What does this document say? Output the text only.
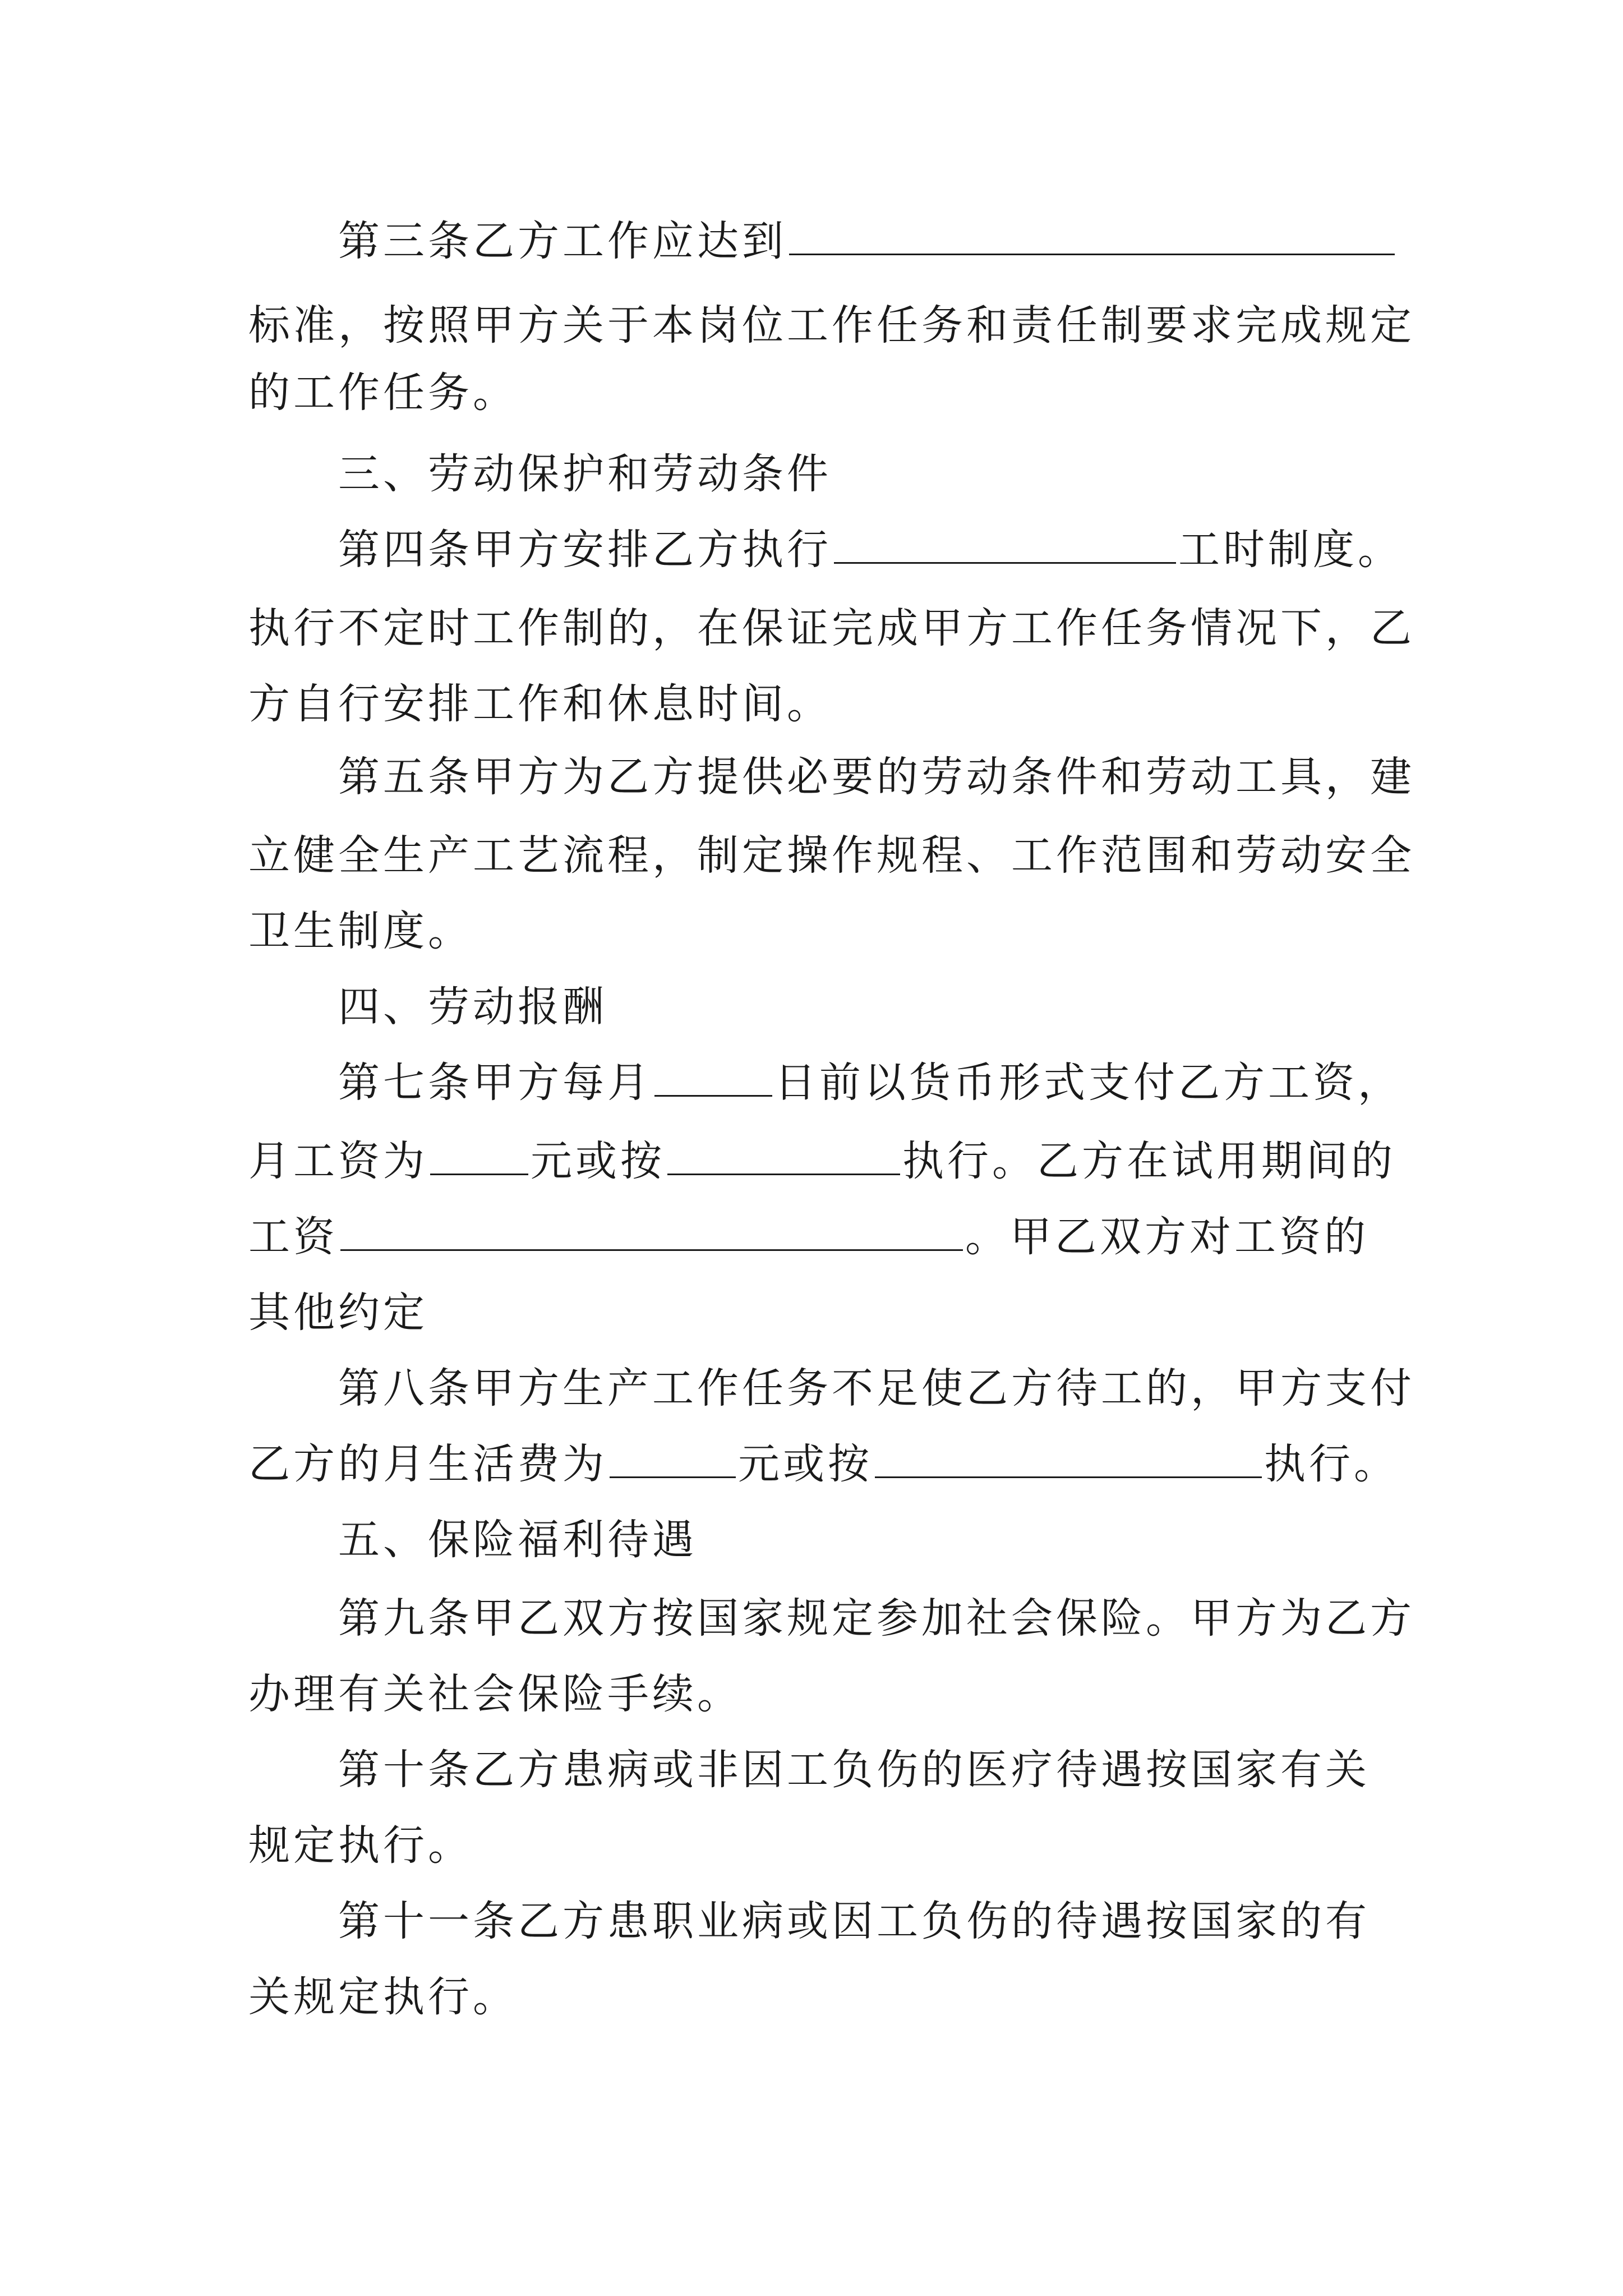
第三条乙方工作应达到
标准，按照甲方关于本岗位工作任务和责任制要求完成规定
的工作任务。
三、劳动保护和劳动条件
第四条甲方安排乙方执行	工时制度。
执行不定时工作制的，在保证完成甲方工作任务情况下，乙
方自行安排工作和休息时间。
第五条甲方为乙方提供必要的劳动条件和劳动工具，建
立健全生产工艺流程，制定操作规程、工作范围和劳动安全
卫生制度。
四、劳动报酬
第七条甲方每月	日前以货币形式支付乙方工资，
月工资为 元或按	执行。乙方在试用期间的
工资	。甲乙双方对工资的
其他约定
第八条甲方生产工作任务不足使乙方待工的，甲方支付
乙方的月生活费为	元或按	执行。
五、保险福利待遇
第九条甲乙双方按国家规定参加社会保险。甲方为乙方
办理有关社会保险手续。
第十条乙方患病或非因工负伤的医疗待遇按国家有关
规定执行。
第十一条乙方患职业病或因工负伤的待遇按国家的有
关规定执行。
